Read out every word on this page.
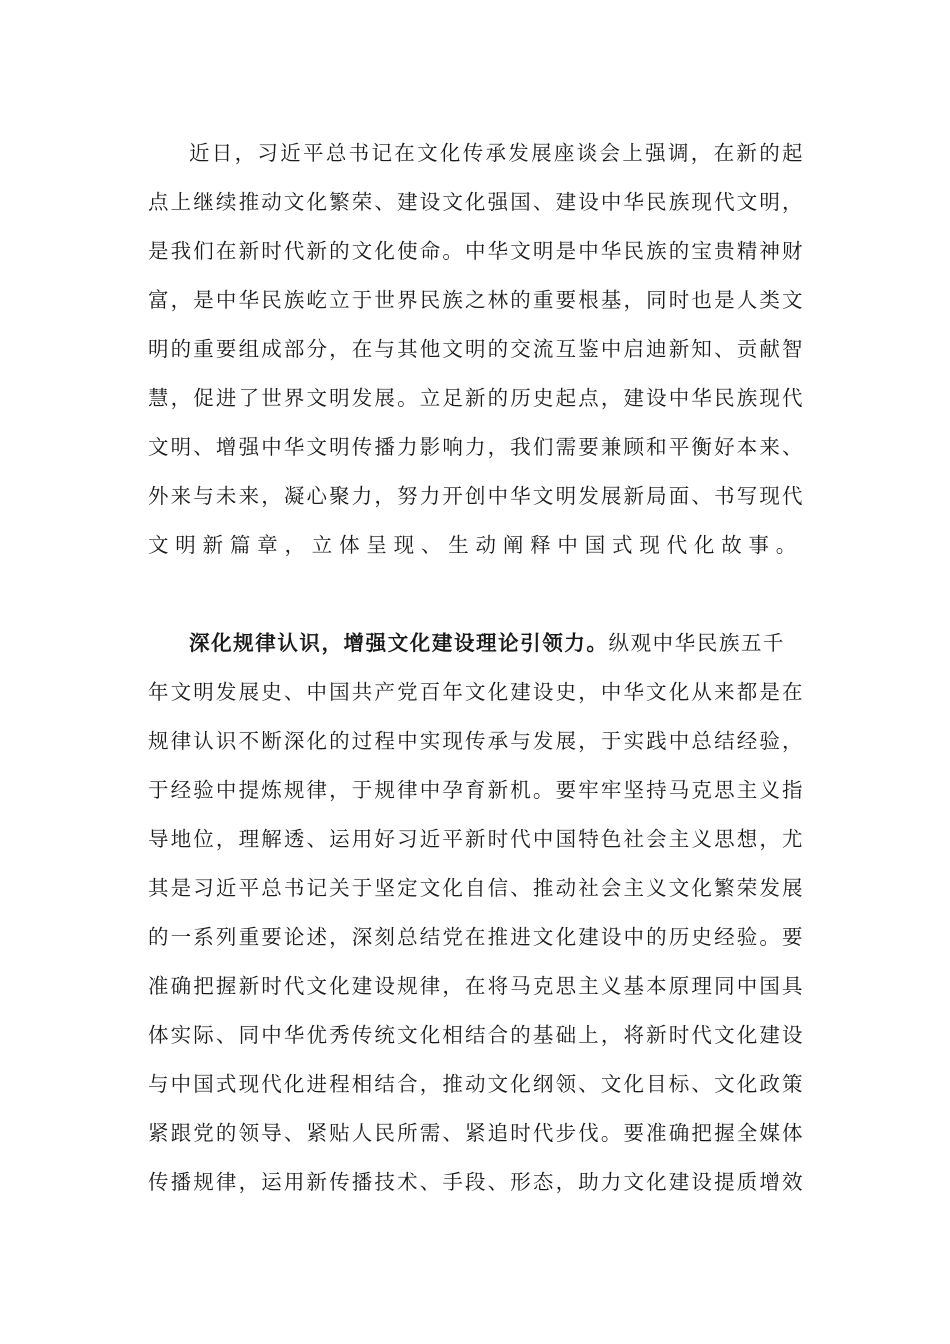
近日，习近平总书记在文化传承发展座谈会上强调，在新的起
点上继续推动文化繁荣、建设文化强国、建设中华民族现代文明，
是我们在新时代新的文化使命。中华文明是中华民族的宝贵精神财
富，是中华民族屹立于世界民族之林的重要根基，同时也是人类文
明的重要组成部分，在与其他文明的交流互鉴中启迪新知、贡献智
慧，促进了世界文明发展。立足新的历史起点，建设中华民族现代
文明、增强中华文明传播力影响力，我们需要兼顾和平衡好本来、
外来与未来，凝心聚力，努力开创中华文明发展新局面、书写现代
文明新篇章，立体呈现、生动阐释中国式现代化故事。
深化规律认识，增强文化建设理论引领力。纵观中华民族五千
年文明发展史、中国共产党百年文化建设史，中华文化从来都是在
规律认识不断深化的过程中实现传承与发展，于实践中总结经验，
于经验中提炼规律，于规律中孕育新机。要牢牢坚持马克思主义指
导地位，理解透、运用好习近平新时代中国特色社会主义思想，尤
其是习近平总书记关于坚定文化自信、推动社会主义文化繁荣发展
的一系列重要论述，深刻总结党在推进文化建设中的历史经验。要
准确把握新时代文化建设规律，在将马克思主义基本原理同中国具
体实际、同中华优秀传统文化相结合的基础上，将新时代文化建设
与中国式现代化进程相结合，推动文化纲领、文化目标、文化政策
紧跟党的领导、紧贴人民所需、紧追时代步伐。要准确把握全媒体
传播规律，运用新传播技术、手段、形态，助力文化建设提质增效
